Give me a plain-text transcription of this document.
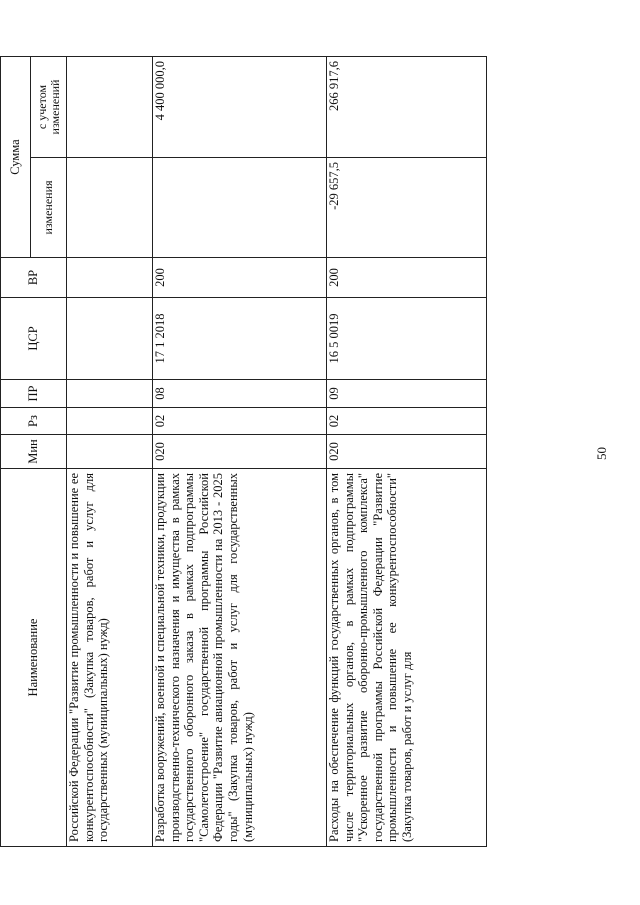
50
Наименование	Мин	Рз	ПР	ЦСР	ВР	Сумма	
						изменения	с учетом изменений
Российской Федерации "Развитие промышленности и повышение ее конкурентоспособности" (Закупка товаров, работ и услуг для государственных (муниципальных) нужд)							
Разработка вооружений, военной и специальной техники, продукции производственно-технического назначения и имущества в рамках государственного оборонного заказа в рамках подпрограммы "Самолетостроение" государственной программы Российской Федерации "Развитие авиационной промышленности на 2013 - 2025 годы" (Закупка товаров, работ и услуг для государственных (муниципальных) нужд)	020	02	08	17 1 2018	200		4 400 000,0
Расходы на обеспечение функций государственных органов, в том числе территориальных органов, в рамках подпрограммы "Ускоренное развитие оборонно-промышленного комплекса" государственной программы Российской Федерации "Развитие промышленности и повышение ее конкурентоспособности" (Закупка товаров, работ и услуг для	020	02	09	16 5 0019	200	-29 657,5	266 917,6
